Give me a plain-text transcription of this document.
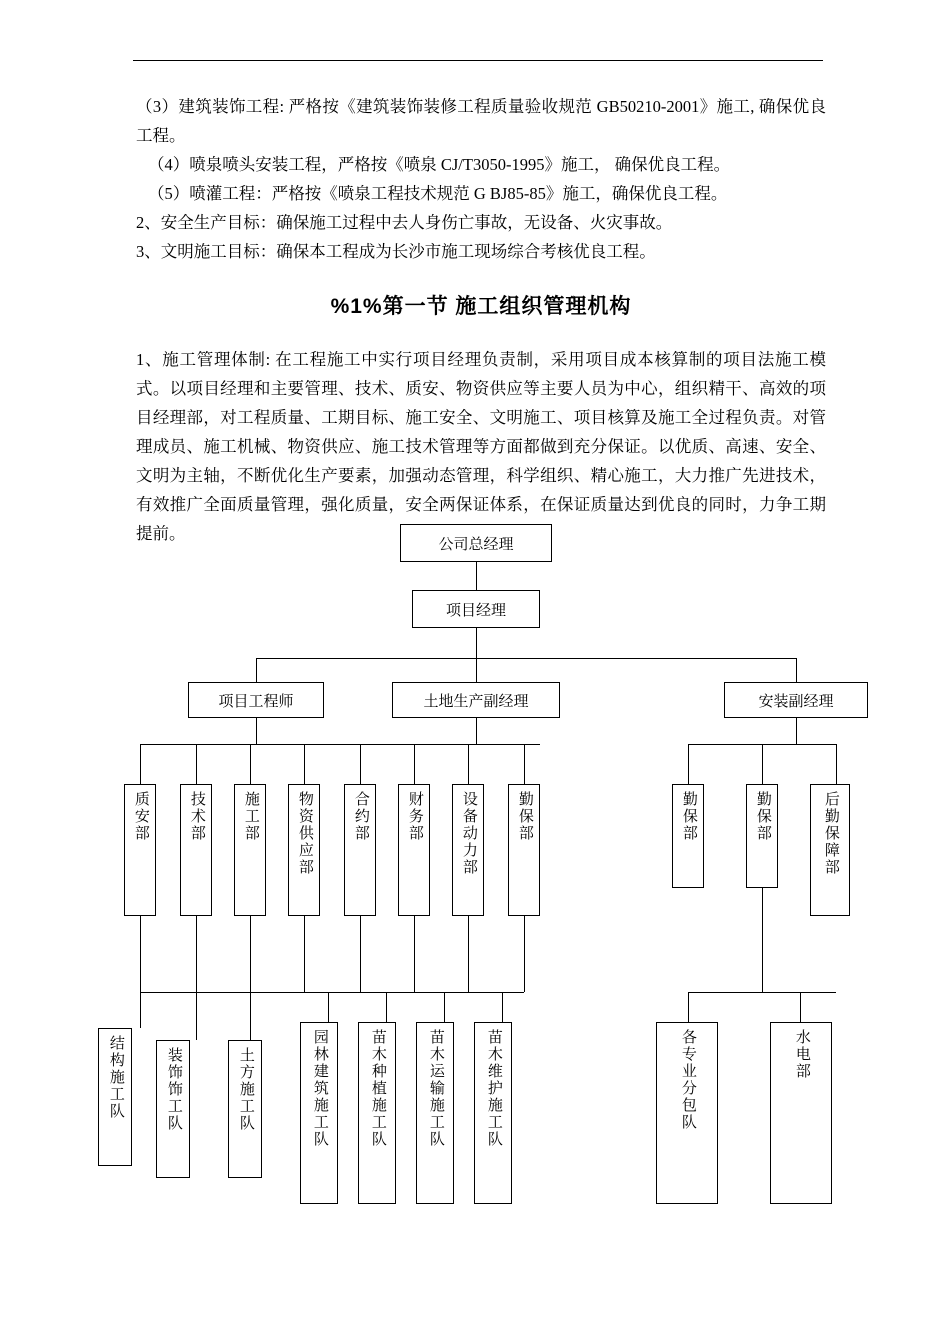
（3）建筑装饰工程: 严格按《建筑装饰装修工程质量验收规范 GB50210-2001》施工, 确保优良工程。

（4）喷泉喷头安装工程，严格按《喷泉 CJ/T3050-1995》施工， 确保优良工程。

（5）喷灌工程：严格按《喷泉工程技术规范 G BJ85-85》施工，确保优良工程。

2、安全生产目标：确保施工过程中去人身伤亡事故，无设备、火灾事故。

3、文明施工目标：确保本工程成为长沙市施工现场综合考核优良工程。

%1%第一节 施工组织管理机构
1、施工管理体制: 在工程施工中实行项目经理负责制，采用项目成本核算制的项目法施工模式。以项目经理和主要管理、技术、质安、物资供应等主要人员为中心，组织精干、高效的项目经理部，对工程质量、工期目标、施工安全、文明施工、项目核算及施工全过程负责。对管理成员、施工机械、物资供应、施工技术管理等方面都做到充分保证。以优质、高速、安全、文明为主轴，不断优化生产要素，加强动态管理，科学组织、精心施工，大力推广先进技术，有效推广全面质量管理，强化质量，安全两保证体系，在保证质量达到优良的同时，力争工期提前。
公司总经理
项目经理
项目工程师	土地生产副经理	安装副经理
质安部	技术部	施工部	物资供应部	合约部	财务部	设备动力部	勤保部
结构施工队	装饰饰工队	土方施工队	园林建筑施工队	苗木种植施工队	苗木运输施工队	苗木维护施工队
勤保部	勤保部	后勤保障部
各专业分包队	水电部
